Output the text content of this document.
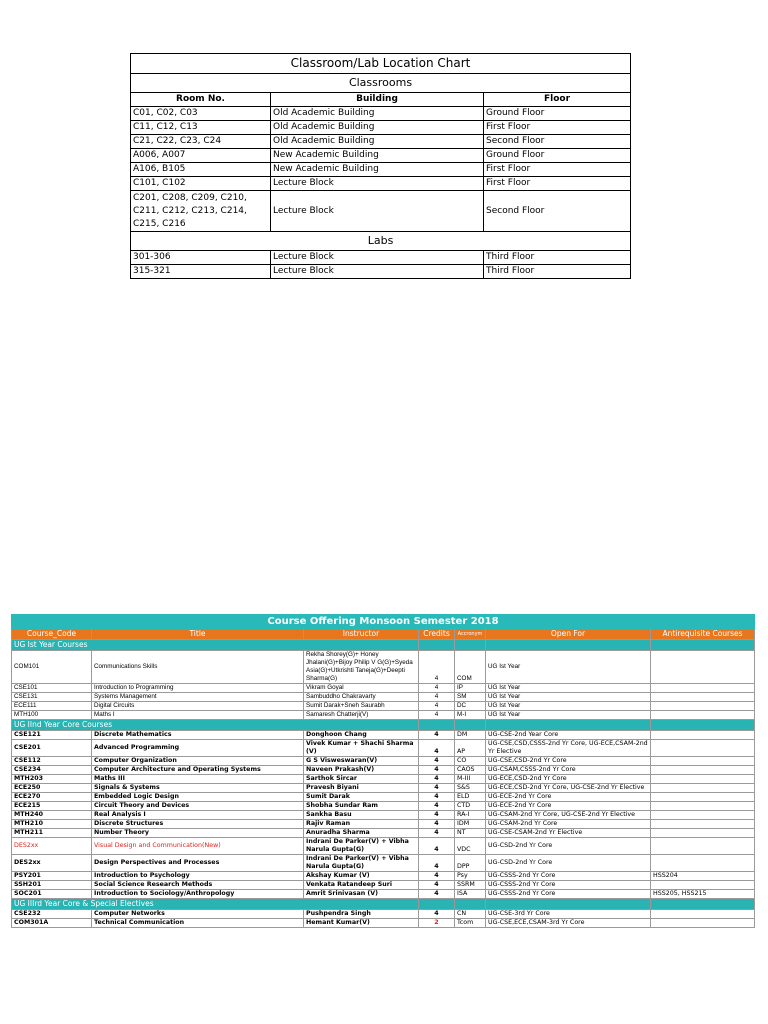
Classroom/Lab Location Chart		
Classrooms		
Room No.	Building	Floor
C01, C02, C03	Old Academic Building	Ground Floor
C11, C12, C13	Old Academic Building	First Floor
C21, C22, C23, C24	Old Academic Building	Second Floor
A006, A007	New Academic Building	Ground Floor
A106, B105	New Academic Building	First Floor
C101, C102	Lecture Block	First Floor
C201, C208, C209, C210, C211, C212, C213, C214, C215, C216	Lecture Block	Second Floor
Labs		
301-306	Lecture Block	Third Floor
315-321	Lecture Block	Third Floor
Course Offering Monsoon Semester 2018						
Course_Code	Title	Instructor	Credits	Accronym	Open For	Antirequisite Courses
UG Ist Year Courses						
COM101	Communications Skills	Rekha Shorey(G)+ Honey Jhalani(G)+Bijoy Philip V G(G)+Syeda Asia(G)+Utkrishti Taneja(G)+Deepti Sharma(G)	4	COM	UG Ist Year	
CSE101	Introduction to Programming	Vikram Goyal	4	IP	UG Ist Year	
CSE131	Systems Management	Sambuddho Chakravarty	4	SM	UG Ist Year	
ECE111	Digital Circuits	Sumit Darak+Sneh Saurabh	4	DC	UG Ist Year	
MTH100	Maths I	Samaresh Chatterji(V)	4	M-I	UG Ist Year	
UG IInd Year Core Courses						
CSE121	Discrete Mathematics	Donghoon Chang	4	DM	UG-CSE-2nd Year Core	
CSE201	Advanced Programming	Vivek Kumar + Shachi Sharma (V)	4	AP	UG-CSE,CSD,CSSS-2nd Yr Core, UG-ECE,CSAM-2nd Yr Elective	
CSE112	Computer Organization	G S Visweswaran(V)	4	CO	UG-CSE,CSD-2nd Yr Core	
CSE234	Computer Architecture and Operating Systems	Naveen Prakash(V)	4	CAOS	UG-CSAM,CSSS-2nd Yr Core	
MTH203	Maths III	Sarthok Sircar	4	M-III	UG-ECE,CSD-2nd Yr Core	
ECE250	Signals & Systems	Pravesh Biyani	4	S&S	UG-ECE,CSD-2nd Yr Core, UG-CSE-2nd Yr Elective	
ECE270	Embedded Logic Design	Sumit Darak	4	ELD	UG-ECE-2nd Yr Core	
ECE215	Circuit Theory and Devices	Shobha Sundar Ram	4	CTD	UG-ECE-2nd Yr Core	
MTH240	Real Analysis I	Sankha Basu	4	RA-I	UG-CSAM-2nd Yr Core, UG-CSE-2nd Yr Elective	
MTH210	Discrete Structures	Rajiv Raman	4	IDM	UG-CSAM-2nd Yr Core	
MTH211	Number Theory	Anuradha Sharma	4	NT	UG-CSE-CSAM-2nd Yr Elective	
DES2xx	Visual Design and Communication(New)	Indrani De Parker(V) + Vibha Narula Gupta(G)	4	VDC	UG-CSD-2nd Yr Core	
DES2xx	Design Perspectives and Processes	Indrani De Parker(V) + Vibha Narula Gupta(G)	4	DPP	UG-CSD-2nd Yr Core	
PSY201	Introduction to Psychology	Akshay Kumar (V)	4	Psy	UG-CSSS-2nd Yr Core	HSS204
SSH201	Social Science Research Methods	Venkata Ratandeep Suri	4	SSRM	UG-CSSS-2nd Yr Core	
SOC201	Introduction to Sociology/Anthropology	Amrit Srinivasan (V)	4	ISA	UG-CSSS-2nd Yr Core	HSS205, HSS215
UG IIIrd Year Core & Special Electives						
CSE232	Computer Networks	Pushpendra Singh	4	CN	UG-CSE-3rd Yr Core	
COM301A	Technical Communication	Hemant Kumar(V)	2	Tcom	UG-CSE,ECE,CSAM-3rd Yr Core	
